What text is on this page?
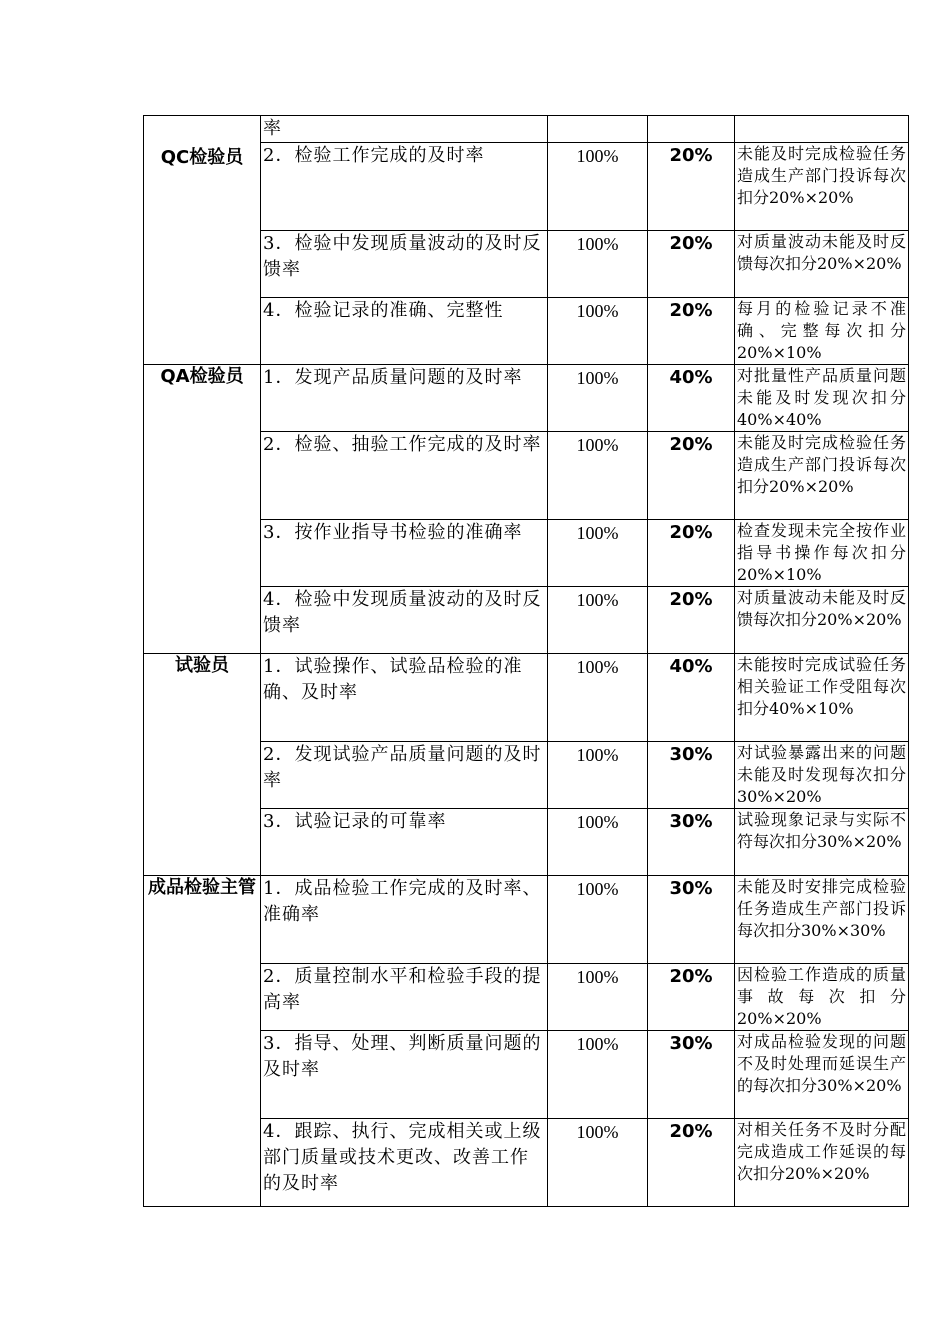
QC检验员	率			
	2．检验工作完成的及时率	100%	20%	未能及时完成检验任务造成生产部门投诉每次扣分20%×20%
	3．检验中发现质量波动的及时反馈率	100%	20%	对质量波动未能及时反馈每次扣分20%×20%
	4．检验记录的准确、完整性	100%	20%	每月的检验记录不准确、完整每次扣分20%×10%
QA检验员	1．发现产品质量问题的及时率	100%	40%	对批量性产品质量问题未能及时发现次扣分40%×40%
	2．检验、抽验工作完成的及时率	100%	20%	未能及时完成检验任务造成生产部门投诉每次扣分20%×20%
	3．按作业指导书检验的准确率	100%	20%	检查发现未完全按作业指导书操作每次扣分20%×10%
	4．检验中发现质量波动的及时反馈率	100%	20%	对质量波动未能及时反馈每次扣分20%×20%
试验员	1．试验操作、试验品检验的准确、及时率	100%	40%	未能按时完成试验任务相关验证工作受阻每次扣分40%×10%
	2．发现试验产品质量问题的及时率	100%	30%	对试验暴露出来的问题未能及时发现每次扣分30%×20%
	3．试验记录的可靠率	100%	30%	试验现象记录与实际不符每次扣分30%×20%
成品检验主管	1．成品检验工作完成的及时率、准确率	100%	30%	未能及时安排完成检验任务造成生产部门投诉每次扣分30%×30%
	2．质量控制水平和检验手段的提高率	100%	20%	因检验工作造成的质量事故每次扣分20%×20%
	3．指导、处理、判断质量问题的及时率	100%	30%	对成品检验发现的问题不及时处理而延误生产的每次扣分30%×20%
	4．跟踪、执行、完成相关或上级部门质量或技术更改、改善工作的及时率	100%	20%	对相关任务不及时分配完成造成工作延误的每次扣分20%×20%
